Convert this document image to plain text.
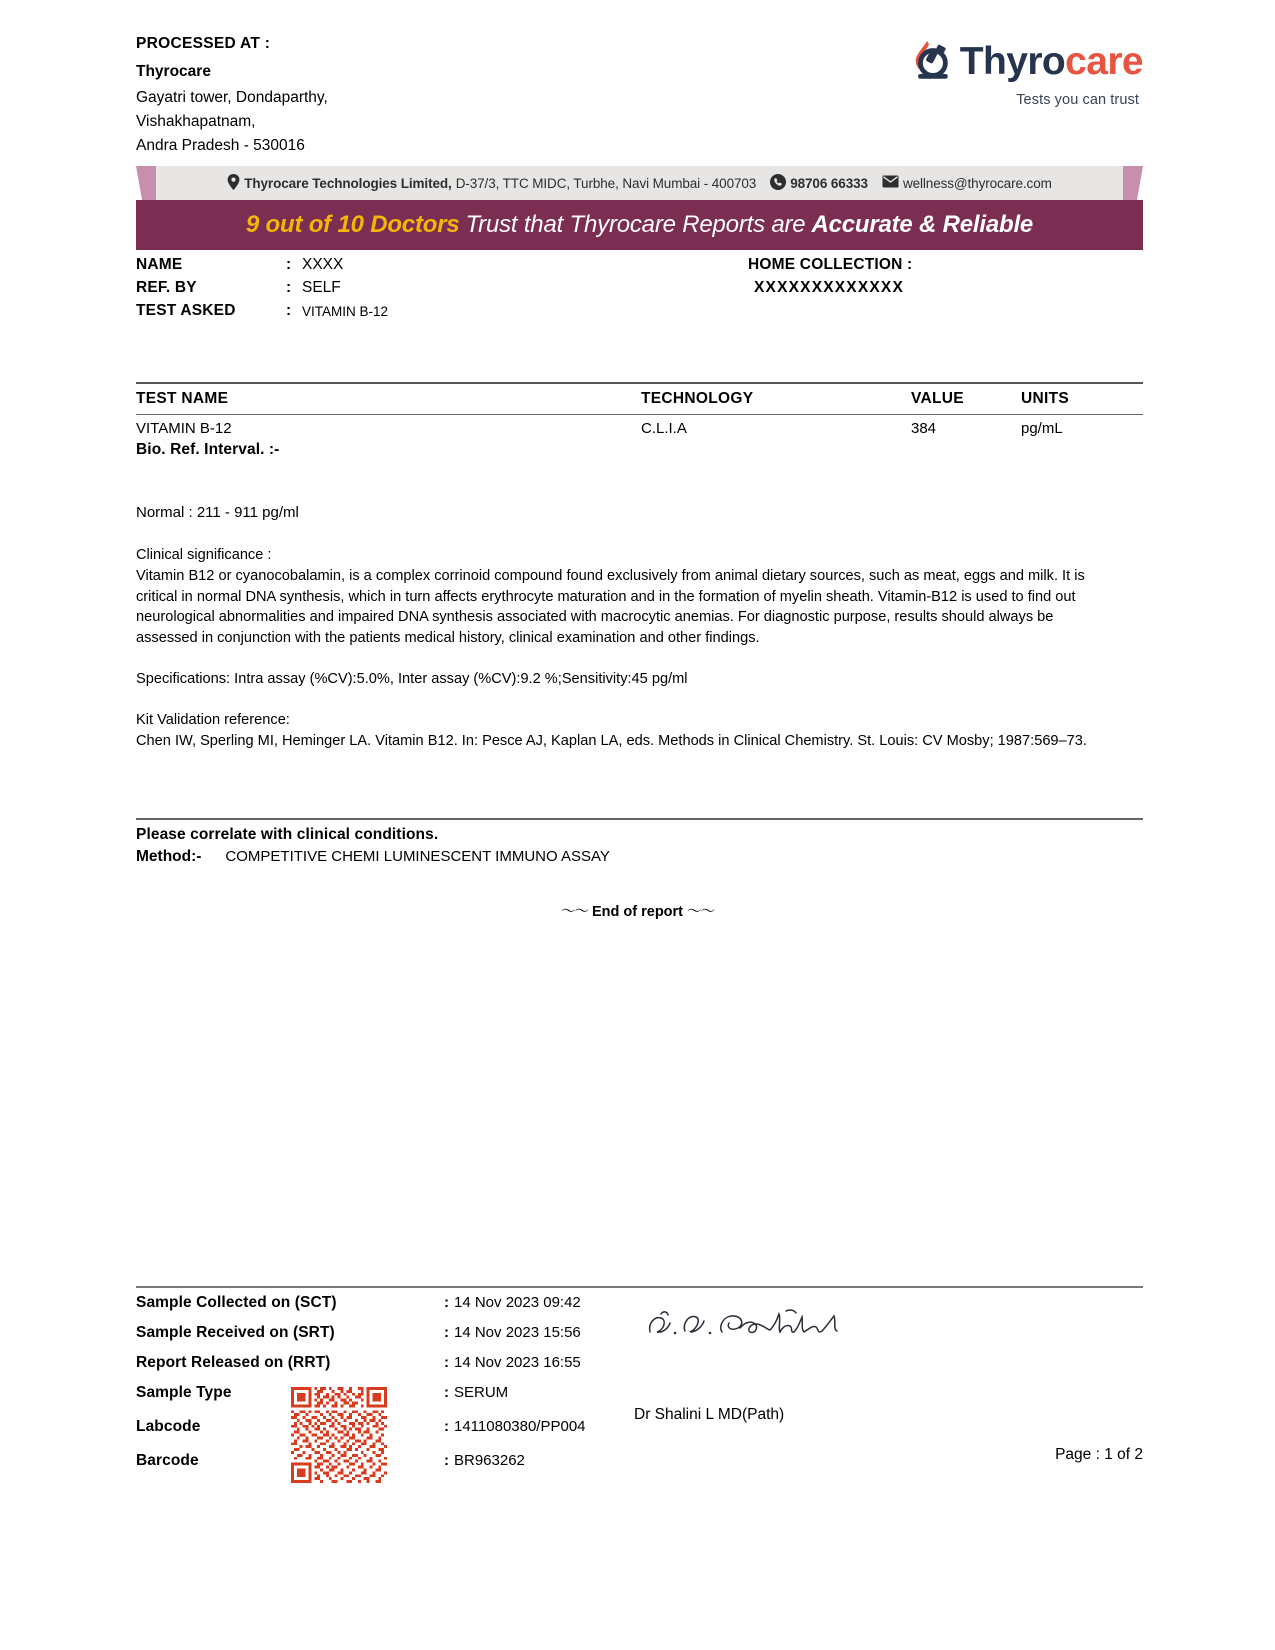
PROCESSED AT :
Thyrocare
Gayatri tower, Dondaparthy,
Vishakhapatnam,
Andra Pradesh - 530016
Thyrocare
Tests you can trust
Thyrocare Technologies Limited, D-37/3, TTC MIDC, Turbhe, Navi Mumbai - 400703	98706 66333	wellness@thyrocare.com
9 out of 10 Doctors Trust that Thyrocare Reports are Accurate & Reliable
NAME	: XXXX	HOME COLLECTION :
REF. BY	: SELF	XXXXXXXXXXXXX
TEST ASKED	: VITAMIN B-12
TEST NAME	TECHNOLOGY	VALUE	UNITS
VITAMIN B-12	C.L.I.A	384	pg/mL
Bio. Ref. Interval. :-
Normal : 211 - 911 pg/ml

Clinical significance :

Vitamin B12 or cyanocobalamin, is a complex corrinoid compound found exclusively from animal dietary sources, such as meat, eggs and milk. It is critical in normal DNA synthesis, which in turn affects erythrocyte maturation and in the formation of myelin sheath. Vitamin-B12 is used to find out neurological abnormalities and impaired DNA synthesis associated with macrocytic anemias. For diagnostic purpose, results should always be assessed in conjunction with the patients medical history, clinical examination and other findings.

Specifications: Intra assay (%CV):5.0%, Inter assay (%CV):9.2 %;Sensitivity:45 pg/ml

Kit Validation reference:

Chen IW, Sperling MI, Heminger LA. Vitamin B12. In: Pesce AJ, Kaplan LA, eds. Methods in Clinical Chemistry. St. Louis: CV Mosby; 1987:569–73.

Please correlate with clinical conditions.
Method:- COMPETITIVE CHEMI LUMINESCENT IMMUNO ASSAY
〜〜 End of report 〜〜
Sample Collected on (SCT)	: 14 Nov 2023 09:42
Sample Received on (SRT)	: 14 Nov 2023 15:56
Report Released on (RRT)	: 14 Nov 2023 16:55
Sample Type	: SERUM
Labcode	: 1411080380/PP004
Barcode	: BR963262
Dr Shalini L MD(Path)
Page : 1 of 2
